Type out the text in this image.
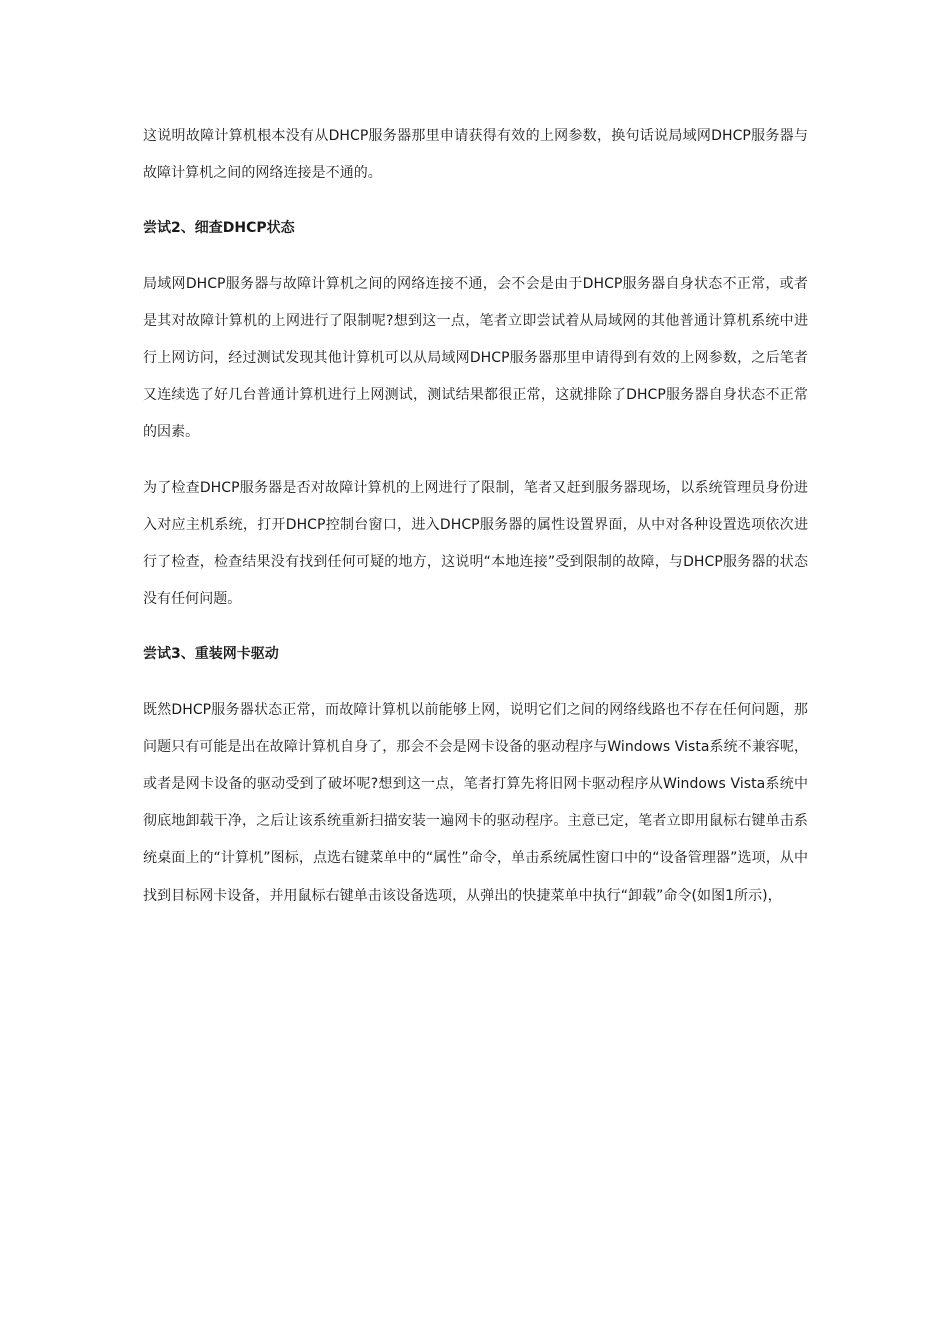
这说明故障计算机根本没有从DHCP服务器那里申请获得有效的上网参数，换句话说局域网DHCP服务器与故障计算机之间的网络连接是不通的。

尝试2、细查DHCP状态

局域网DHCP服务器与故障计算机之间的网络连接不通，会不会是由于DHCP服务器自身状态不正常，或者是其对故障计算机的上网进行了限制呢?想到这一点，笔者立即尝试着从局域网的其他普通计算机系统中进行上网访问，经过测试发现其他计算机可以从局域网DHCP服务器那里申请得到有效的上网参数，之后笔者又连续选了好几台普通计算机进行上网测试，测试结果都很正常，这就排除了DHCP服务器自身状态不正常的因素。

为了检查DHCP服务器是否对故障计算机的上网进行了限制，笔者又赶到服务器现场，以系统管理员身份进入对应主机系统，打开DHCP控制台窗口，进入DHCP服务器的属性设置界面，从中对各种设置选项依次进行了检查，检查结果没有找到任何可疑的地方，这说明“本地连接”受到限制的故障，与DHCP服务器的状态没有任何问题。

尝试3、重装网卡驱动

既然DHCP服务器状态正常，而故障计算机以前能够上网，说明它们之间的网络线路也不存在任何问题，那问题只有可能是出在故障计算机自身了，那会不会是网卡设备的驱动程序与Windows Vista系统不兼容呢，或者是网卡设备的驱动受到了破坏呢?想到这一点，笔者打算先将旧网卡驱动程序从Windows Vista系统中彻底地卸载干净，之后让该系统重新扫描安装一遍网卡的驱动程序。主意已定，笔者立即用鼠标右键单击系统桌面上的“计算机”图标，点选右键菜单中的“属性”命令，单击系统属性窗口中的“设备管理器”选项，从中找到目标网卡设备，并用鼠标右键单击该设备选项，从弹出的快捷菜单中执行“卸载”命令(如图1所示)，
